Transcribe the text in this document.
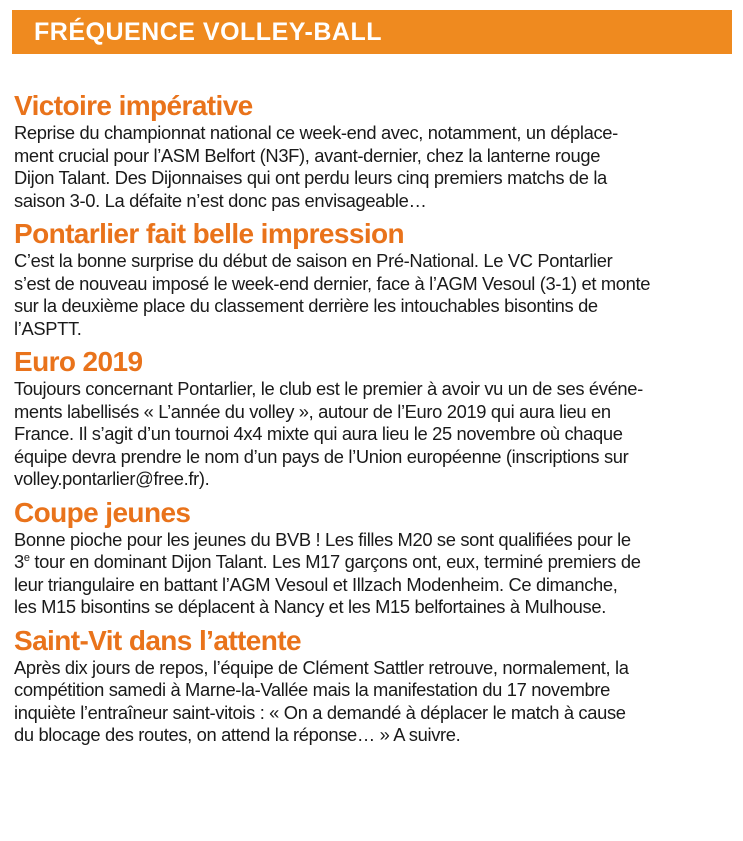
FRÉQUENCE VOLLEY-BALL
Victoire impérative

Reprise du championnat national ce week-end avec, notamment, un déplace-
ment crucial pour l’ASM Belfort (N3F), avant-dernier, chez la lanterne rouge
Dijon Talant. Des Dijonnaises qui ont perdu leurs cinq premiers matchs de la
saison 3-0. La défaite n’est donc pas envisageable…

Pontarlier fait belle impression

C’est la bonne surprise du début de saison en Pré-National. Le VC Pontarlier
s’est de nouveau imposé le week-end dernier, face à l’AGM Vesoul (3-1) et monte
sur la deuxième place du classement derrière les intouchables bisontins de
l’ASPTT.

Euro 2019

Toujours concernant Pontarlier, le club est le premier à avoir vu un de ses événe-
ments labellisés « L’année du volley », autour de l’Euro 2019 qui aura lieu en
France. Il s’agit d’un tournoi 4x4 mixte qui aura lieu le 25 novembre où chaque
équipe devra prendre le nom d’un pays de l’Union européenne (inscriptions sur
volley.pontarlier@free.fr).

Coupe jeunes

Bonne pioche pour les jeunes du BVB ! Les filles M20 se sont qualifiées pour le
3e tour en dominant Dijon Talant. Les M17 garçons ont, eux, terminé premiers de
leur triangulaire en battant l’AGM Vesoul et Illzach Modenheim. Ce dimanche,
les M15 bisontins se déplacent à Nancy et les M15 belfortaines à Mulhouse.

Saint-Vit dans l’attente

Après dix jours de repos, l’équipe de Clément Sattler retrouve, normalement, la
compétition samedi à Marne-la-Vallée mais la manifestation du 17 novembre
inquiète l’entraîneur saint-vitois : « On a demandé à déplacer le match à cause
du blocage des routes, on attend la réponse… » A suivre.
